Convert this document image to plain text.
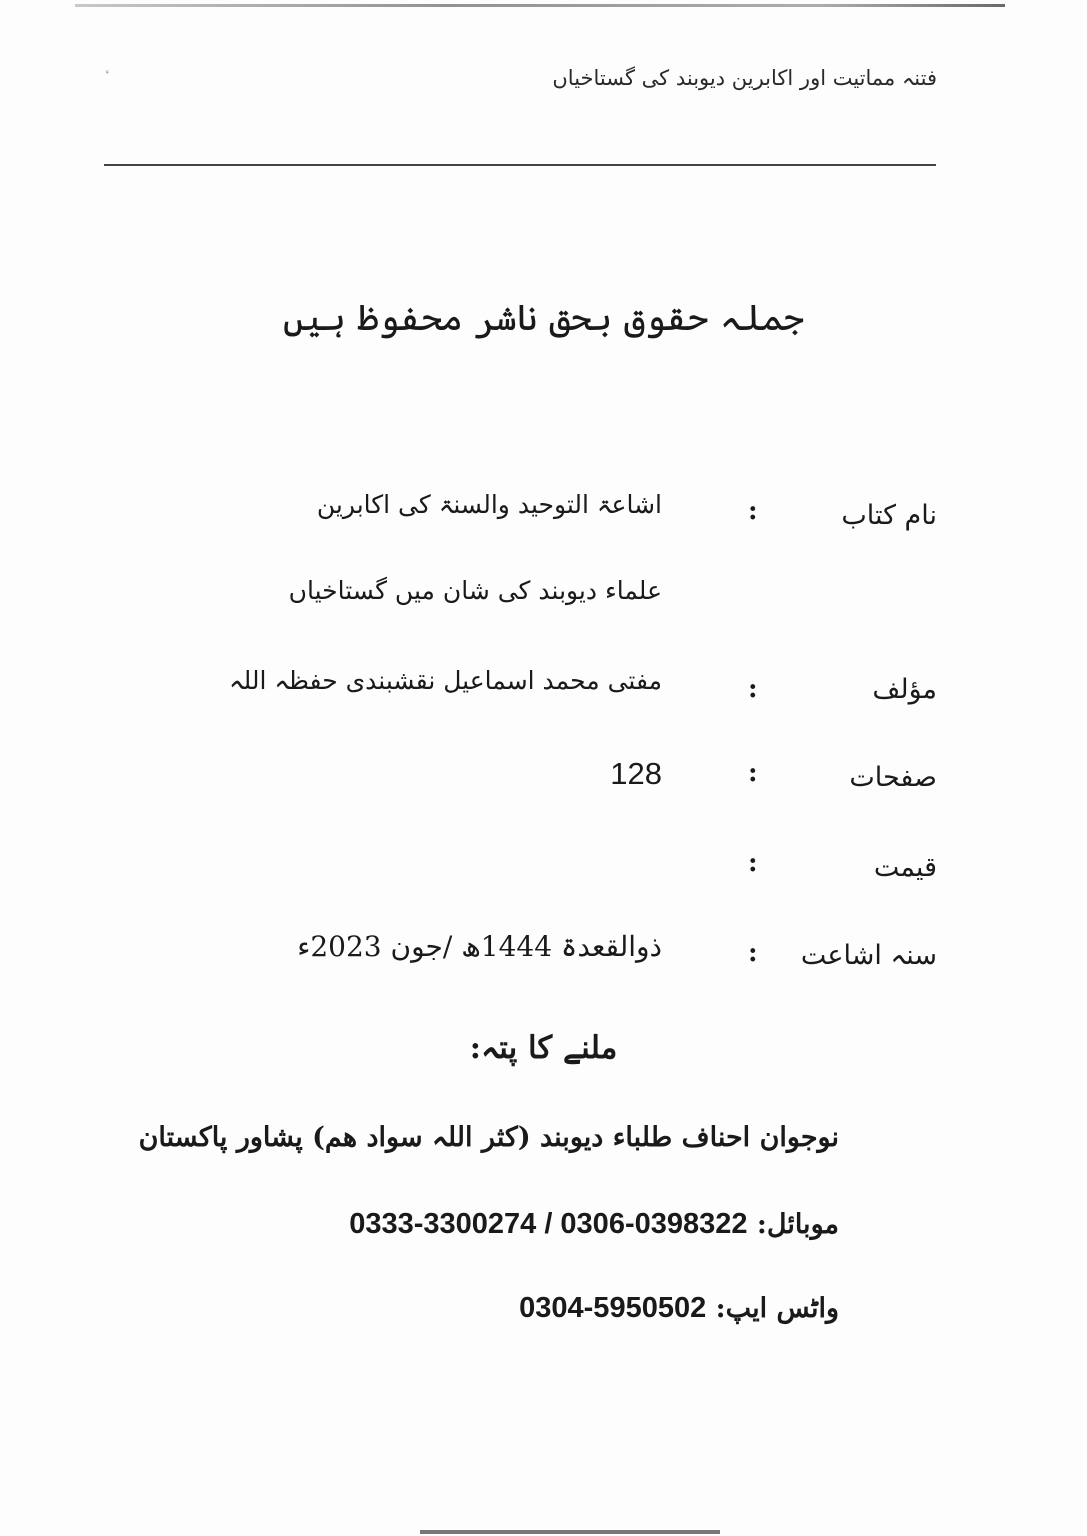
فتنہ مماتیت اور اکابرین دیوبند کی گستاخیاں
جملہ حقوق بحق ناشر محفوظ ہیں
نام کتاب
:
اشاعۃ التوحید والسنۃ کی اکابرین
علماء دیوبند کی شان میں گستاخیاں
مؤلف
:
مفتی محمد اسماعیل نقشبندی حفظہ اللہ
صفحات
:
128
قیمت
:
سنہ اشاعت
:
ذوالقعدۃ 1444ھ /جون 2023ء
ملنے کا پتہ:
نوجوان احناف طلباء دیوبند (کثر اللہ سواد ھم) پشاور پاکستان
موبائل: 0333-3300274 / 0306-0398322
واٹس ایپ: 0304-5950502
